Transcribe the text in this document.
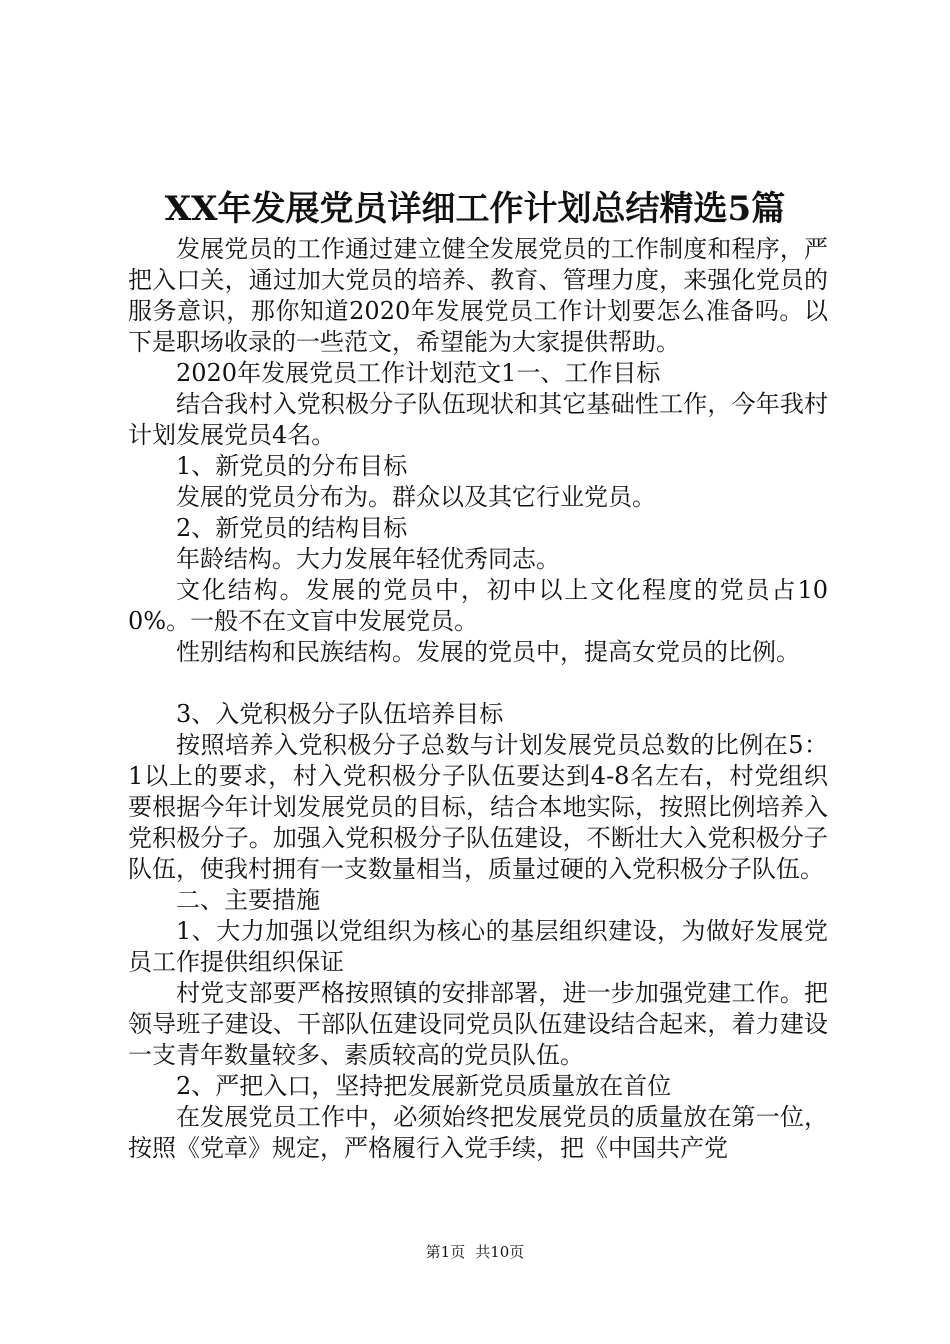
XX年发展党员详细工作计划总结精选5篇

发展党员的工作通过建立健全发展党员的工作制度和程序，严把入口关，通过加大党员的培养、教育、管理力度，来强化党员的服务意识，那你知道2020年发展党员工作计划要怎么准备吗。以下是职场收录的一些范文，希望能为大家提供帮助。

2020年发展党员工作计划范文1一、工作目标

结合我村入党积极分子队伍现状和其它基础性工作，今年我村计划发展党员4名。

1、新党员的分布目标

发展的党员分布为。群众以及其它行业党员。

2、新党员的结构目标

年龄结构。大力发展年轻优秀同志。

文化结构。发展的党员中，初中以上文化程度的党员占100%。一般不在文盲中发展党员。

性别结构和民族结构。发展的党员中，提高女党员的比例。

3、入党积极分子队伍培养目标

按照培养入党积极分子总数与计划发展党员总数的比例在5：1以上的要求，村入党积极分子队伍要达到4-8名左右，村党组织要根据今年计划发展党员的目标，结合本地实际，按照比例培养入党积极分子。加强入党积极分子队伍建设，不断壮大入党积极分子队伍，使我村拥有一支数量相当，质量过硬的入党积极分子队伍。

二、主要措施

1、大力加强以党组织为核心的基层组织建设，为做好发展党员工作提供组织保证

村党支部要严格按照镇的安排部署，进一步加强党建工作。把领导班子建设、干部队伍建设同党员队伍建设结合起来，着力建设一支青年数量较多、素质较高的党员队伍。

2、严把入口，坚持把发展新党员质量放在首位

在发展党员工作中，必须始终把发展党员的质量放在第一位，按照《党章》规定，严格履行入党手续，把《中国共产党

第1页 共10页
